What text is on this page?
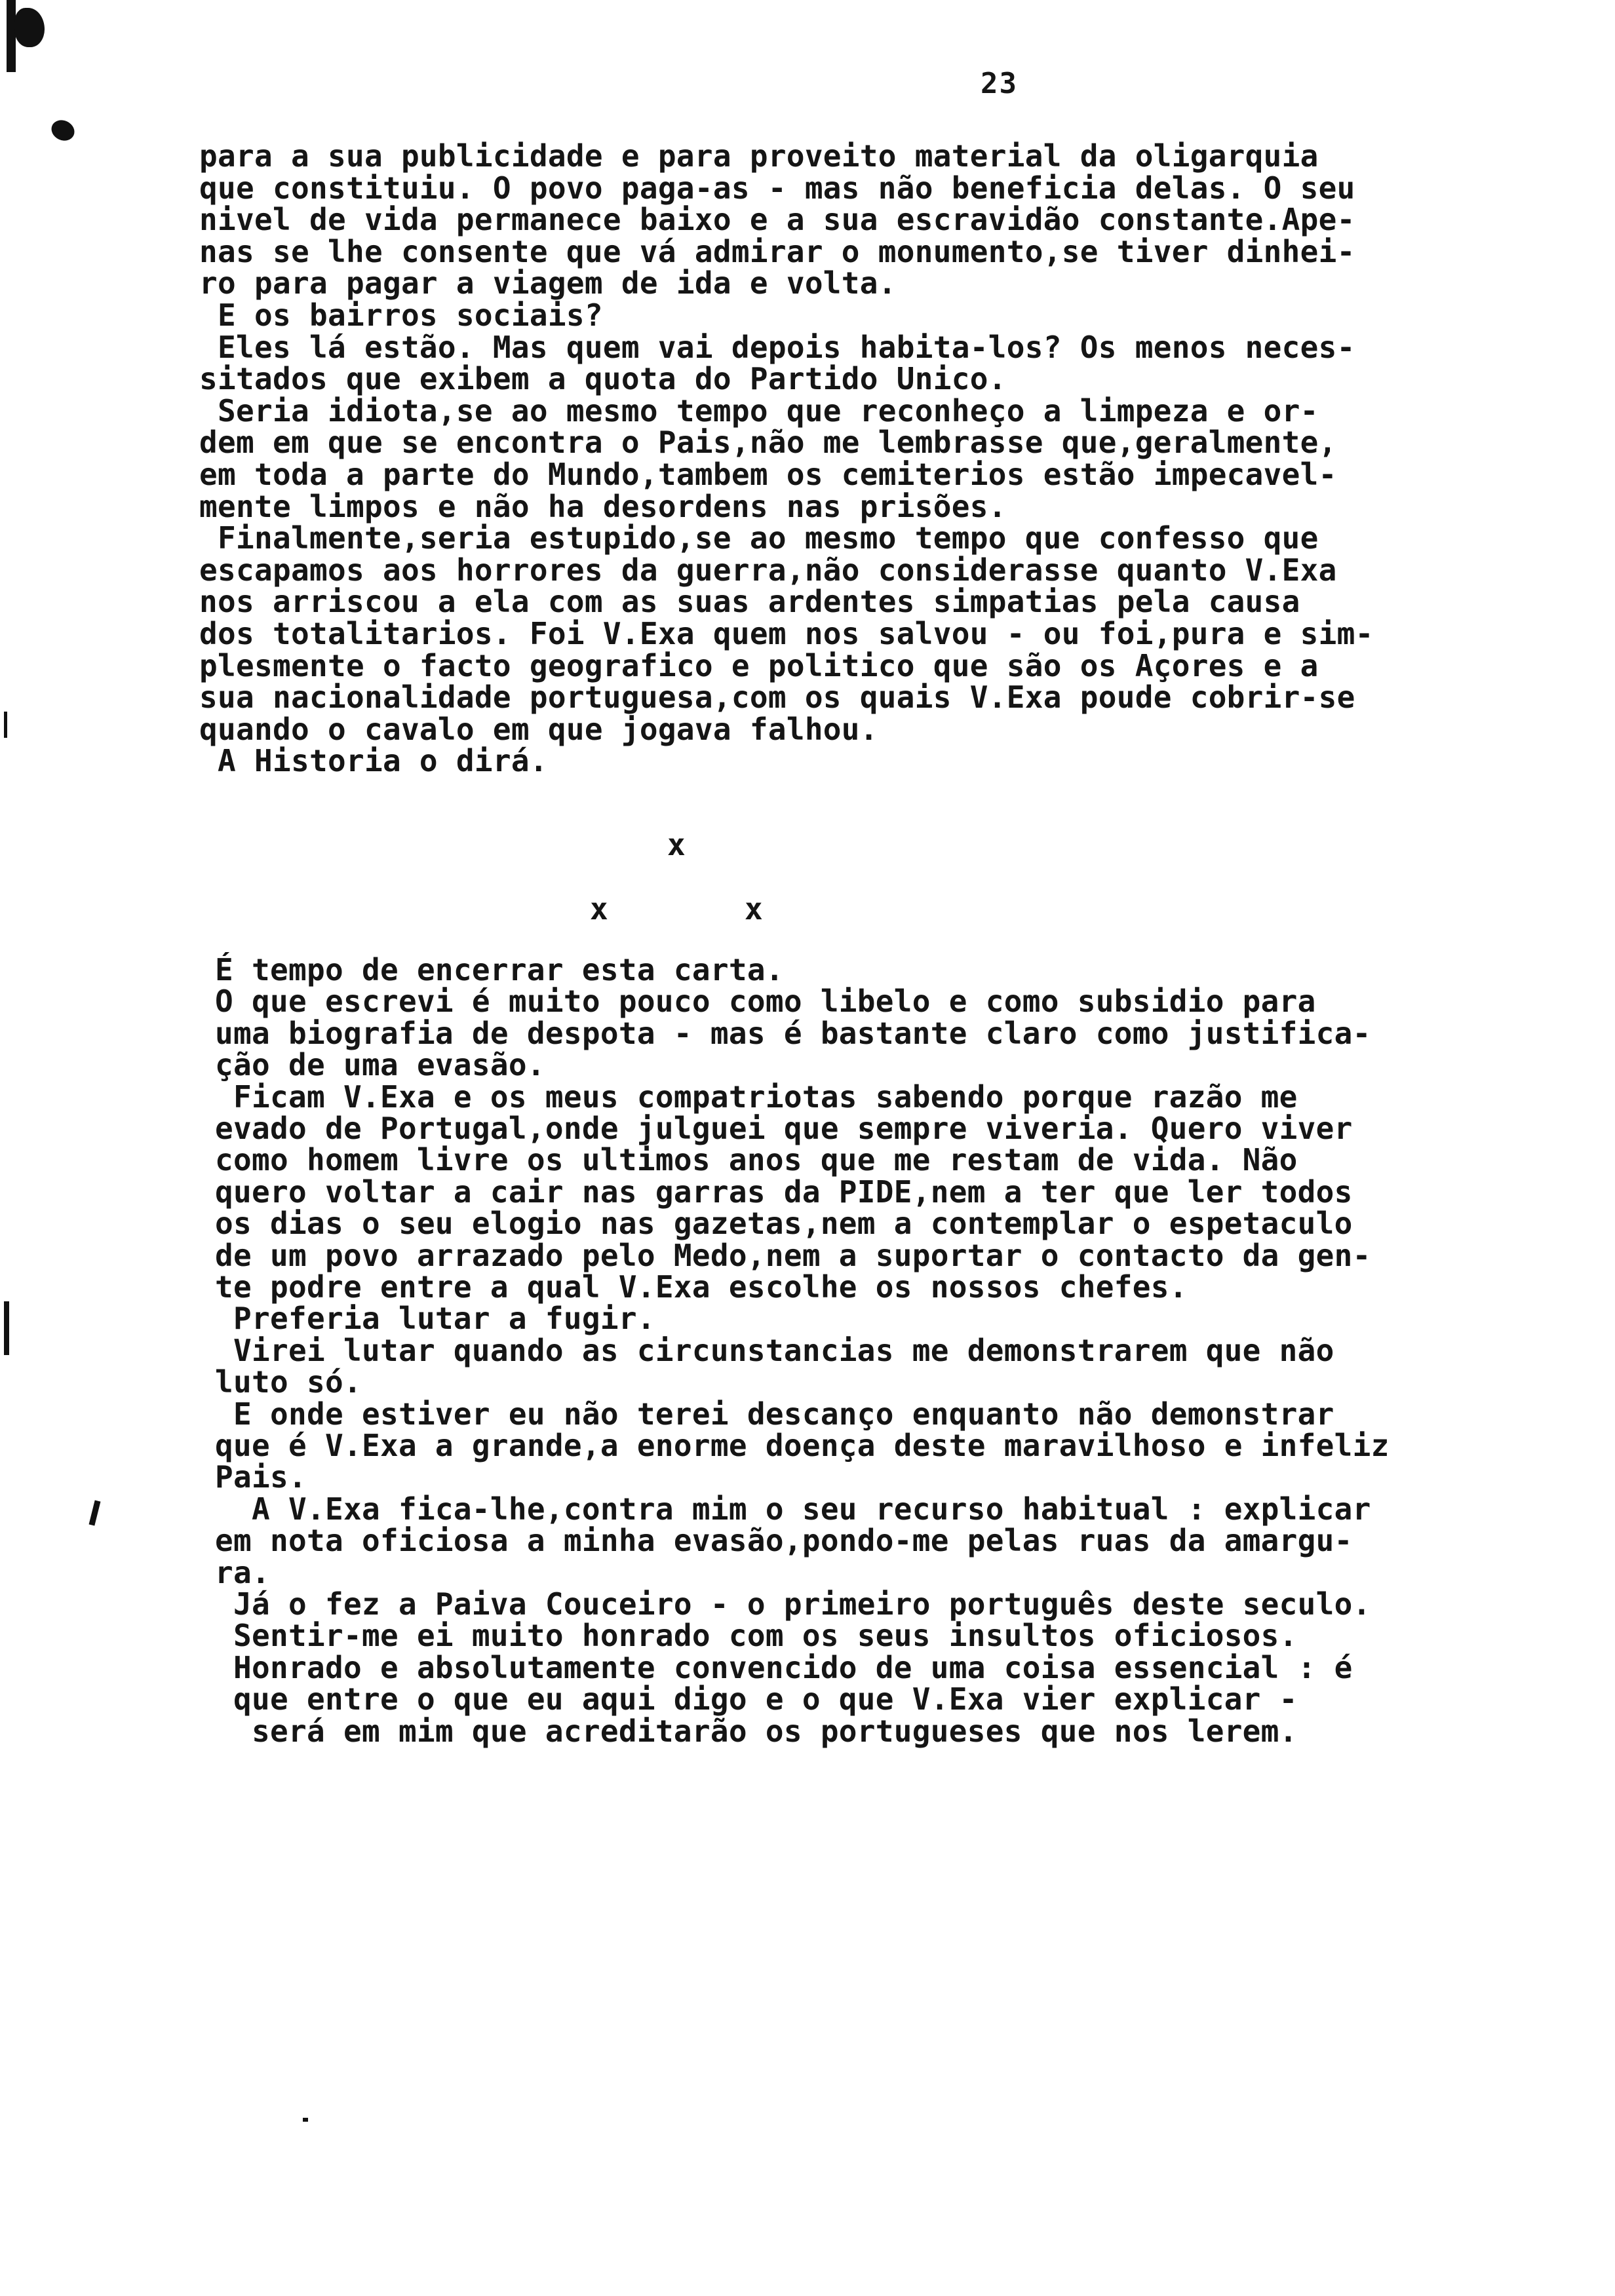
23
para a sua publicidade e para proveito material da oligarquia
que constituiu. O povo paga-as - mas não beneficia delas. O seu
nivel de vida permanece baixo e a sua escravidão constante.Ape-
nas se lhe consente que vá admirar o monumento,se tiver dinhei-
ro para pagar a viagem de ida e volta.
E os bairros sociais?
Eles lá estão. Mas quem vai depois habita-los? Os menos neces-
sitados que exibem a quota do Partido Unico.
Seria idiota,se ao mesmo tempo que reconheço a limpeza e or-
dem em que se encontra o Pais,não me lembrasse que,geralmente,
em toda a parte do Mundo,tambem os cemiterios estão impecavel-
mente limpos e não ha desordens nas prisões.
Finalmente,seria estupido,se ao mesmo tempo que confesso que
escapamos aos horrores da guerra,não considerasse quanto V.Exa
nos arriscou a ela com as suas ardentes simpatias pela causa
dos totalitarios. Foi V.Exa quem nos salvou - ou foi,pura e sim-
plesmente o facto geografico e politico que são os Açores e a
sua nacionalidade portuguesa,com os quais V.Exa poude cobrir-se
quando o cavalo em que jogava falhou.
A Historia o dirá.
x
x	x
É tempo de encerrar esta carta.
O que escrevi é muito pouco como libelo e como subsidio para
uma biografia de despota - mas é bastante claro como justifica-
ção de uma evasão.
Ficam V.Exa e os meus compatriotas sabendo porque razão me
evado de Portugal,onde julguei que sempre viveria. Quero viver
como homem livre os ultimos anos que me restam de vida. Não
quero voltar a cair nas garras da PIDE,nem a ter que ler todos
os dias o seu elogio nas gazetas,nem a contemplar o espetaculo
de um povo arrazado pelo Medo,nem a suportar o contacto da gen-
te podre entre a qual V.Exa escolhe os nossos chefes.
Preferia lutar a fugir.
Virei lutar quando as circunstancias me demonstrarem que não
luto só.
E onde estiver eu não terei descanço enquanto não demonstrar
que é V.Exa a grande,a enorme doença deste maravilhoso e infeliz
Pais.
A V.Exa fica-lhe,contra mim o seu recurso habitual : explicar
em nota oficiosa a minha evasão,pondo-me pelas ruas da amargu-
ra.
Já o fez a Paiva Couceiro - o primeiro português deste seculo.
Sentir-me ei muito honrado com os seus insultos oficiosos.
Honrado e absolutamente convencido de uma coisa essencial : é
que entre o que eu aqui digo e o que V.Exa vier explicar -
será em mim que acreditarão os portugueses que nos lerem.
